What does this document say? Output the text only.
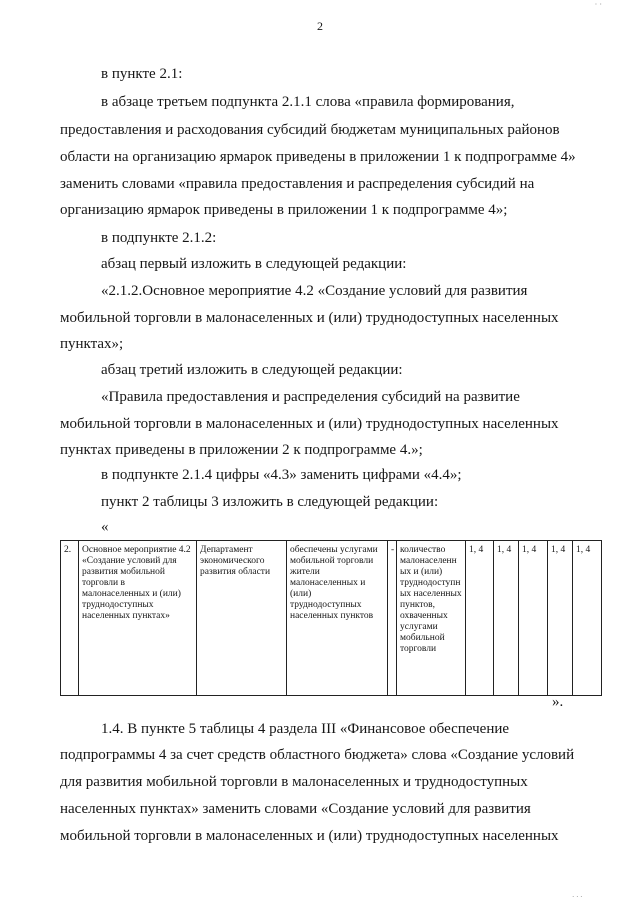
· ·
2
в пункте 2.1:
в абзаце третьем подпункта 2.1.1 слова «правила формирования,
предоставления и расходования субсидий бюджетам муниципальных районов
области на организацию ярмарок приведены в приложении 1 к подпрограмме 4»
заменить словами «правила предоставления и распределения субсидий на
организацию ярмарок приведены в приложении 1 к подпрограмме 4»;
в подпункте 2.1.2:
абзац первый изложить в следующей редакции:
«2.1.2.Основное мероприятие 4.2 «Создание условий для развития
мобильной торговли в малонаселенных и (или) труднодоступных населенных
пунктах»;
абзац третий изложить в следующей редакции:
«Правила предоставления и распределения субсидий на развитие
мобильной торговли в малонаселенных и (или) труднодоступных населенных
пунктах приведены в приложении 2 к подпрограмме 4.»;
в подпункте 2.1.4 цифры «4.3» заменить цифрами «4.4»;
пункт 2 таблицы 3 изложить в следующей редакции:
«
2.	Основное мероприятие 4.2 «Создание условий для развития мобильной торговли в малонаселенных и (или) труднодоступных населенных пунктах»	Департамент экономического развития области	обеспечены услугами мобильной торговли жители малонаселенных и (или) труднодоступных населенных пунктов	-	количество малонаселенных и (или) труднодоступных населенных пунктов, охваченных услугами мобильной торговли	1, 4	1, 4	1, 4	1, 4	1, 4
».
1.4. В пункте 5 таблицы 4 раздела III «Финансовое обеспечение
подпрограммы 4 за счет средств областного бюджета» слова «Создание условий
для развития мобильной торговли в малонаселенных и труднодоступных
населенных пунктах» заменить словами «Создание условий для развития
мобильной торговли в малонаселенных и (или) труднодоступных населенных
· · ·
